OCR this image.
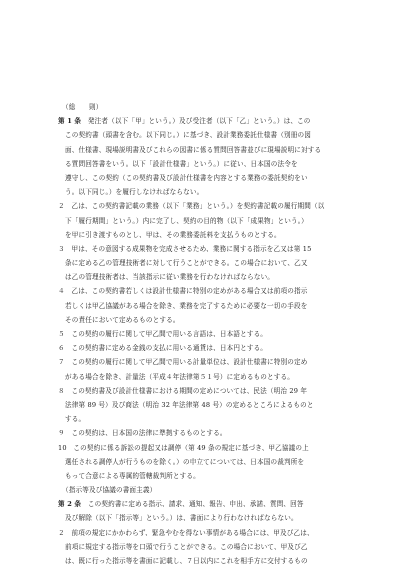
（総　　則）
第 1 条　発注者（以下「甲」という。）及び受注者（以下「乙」という。）は、この
この契約書（頭書を含む。以下同じ。）に基づき、設計業務委託仕様書（別冊の図
面、仕様書、現場説明書及びこれらの図書に係る質問回答書並びに現場説明に対する
る質問回答書をいう。以下「設計仕様書」という。）に従い、日本国の法令を
遵守し、この契約（この契約書及び設計仕様書を内容とする業務の委託契約をい
う。以下同じ。）を履行しなければならない。
２　乙は、この契約書記載の業務（以下「業務」という。）を契約書記載の履行期間（以
下「履行期間」という。）内に完了し、契約の目的物（以下「成果物」という。）
を甲に引き渡すものとし、甲は、その業務委託料を支払うものとする。
３　甲は、その意図する成果物を完成させるため、業務に関する指示を乙又は第 15
条に定める乙の管理技術者に対して行うことができる。この場合において、乙又
は乙の管理技術者は、当該指示に従い業務を行わなければならない。
４　乙は、この契約書若しくは設計仕様書に特別の定めがある場合又は前項の指示
若しくは甲乙協議がある場合を除き、業務を完了するために必要な一切の手段を
その責任において定めるものとする。
５　この契約の履行に関して甲乙間で用いる言語は、日本語とする。
６　この契約書に定める金銭の支払に用いる通貨は、日本円とする。
７　この契約の履行に関して甲乙間で用いる計量単位は、設計仕様書に特別の定め
がある場合を除き、計量法（平成４年法律第５１号）に定めるものとする。
８　この契約書及び設計仕様書における期間の定めについては、民法（明治 29 年
法律第 89 号）及び商法（明治 32 年法律第 48 号）の定めるところによるものと
する。
９　この契約は、日本国の法律に準拠するものとする。
10　この契約に係る訴訟の提起又は調停（第 49 条の規定に基づき、甲乙協議の上
選任される調停人が行うものを除く。）の申立てについては、日本国の裁判所を
もって合意による専属的管轄裁判所とする。
（指示等及び協議の書面主義）
第 2 条　この契約書に定める指示、請求、通知、報告、申出、承諾、質問、回答
及び解除（以下「指示等」という。）は、書面により行わなければならない。
２　前項の規定にかかわらず、緊急やむを得ない事情がある場合には、甲及び乙は、
前項に規定する指示等を口頭で行うことができる。この場合において、甲及び乙
は、既に行った指示等を書面に記載し、７日以内にこれを相手方に交付するもの
